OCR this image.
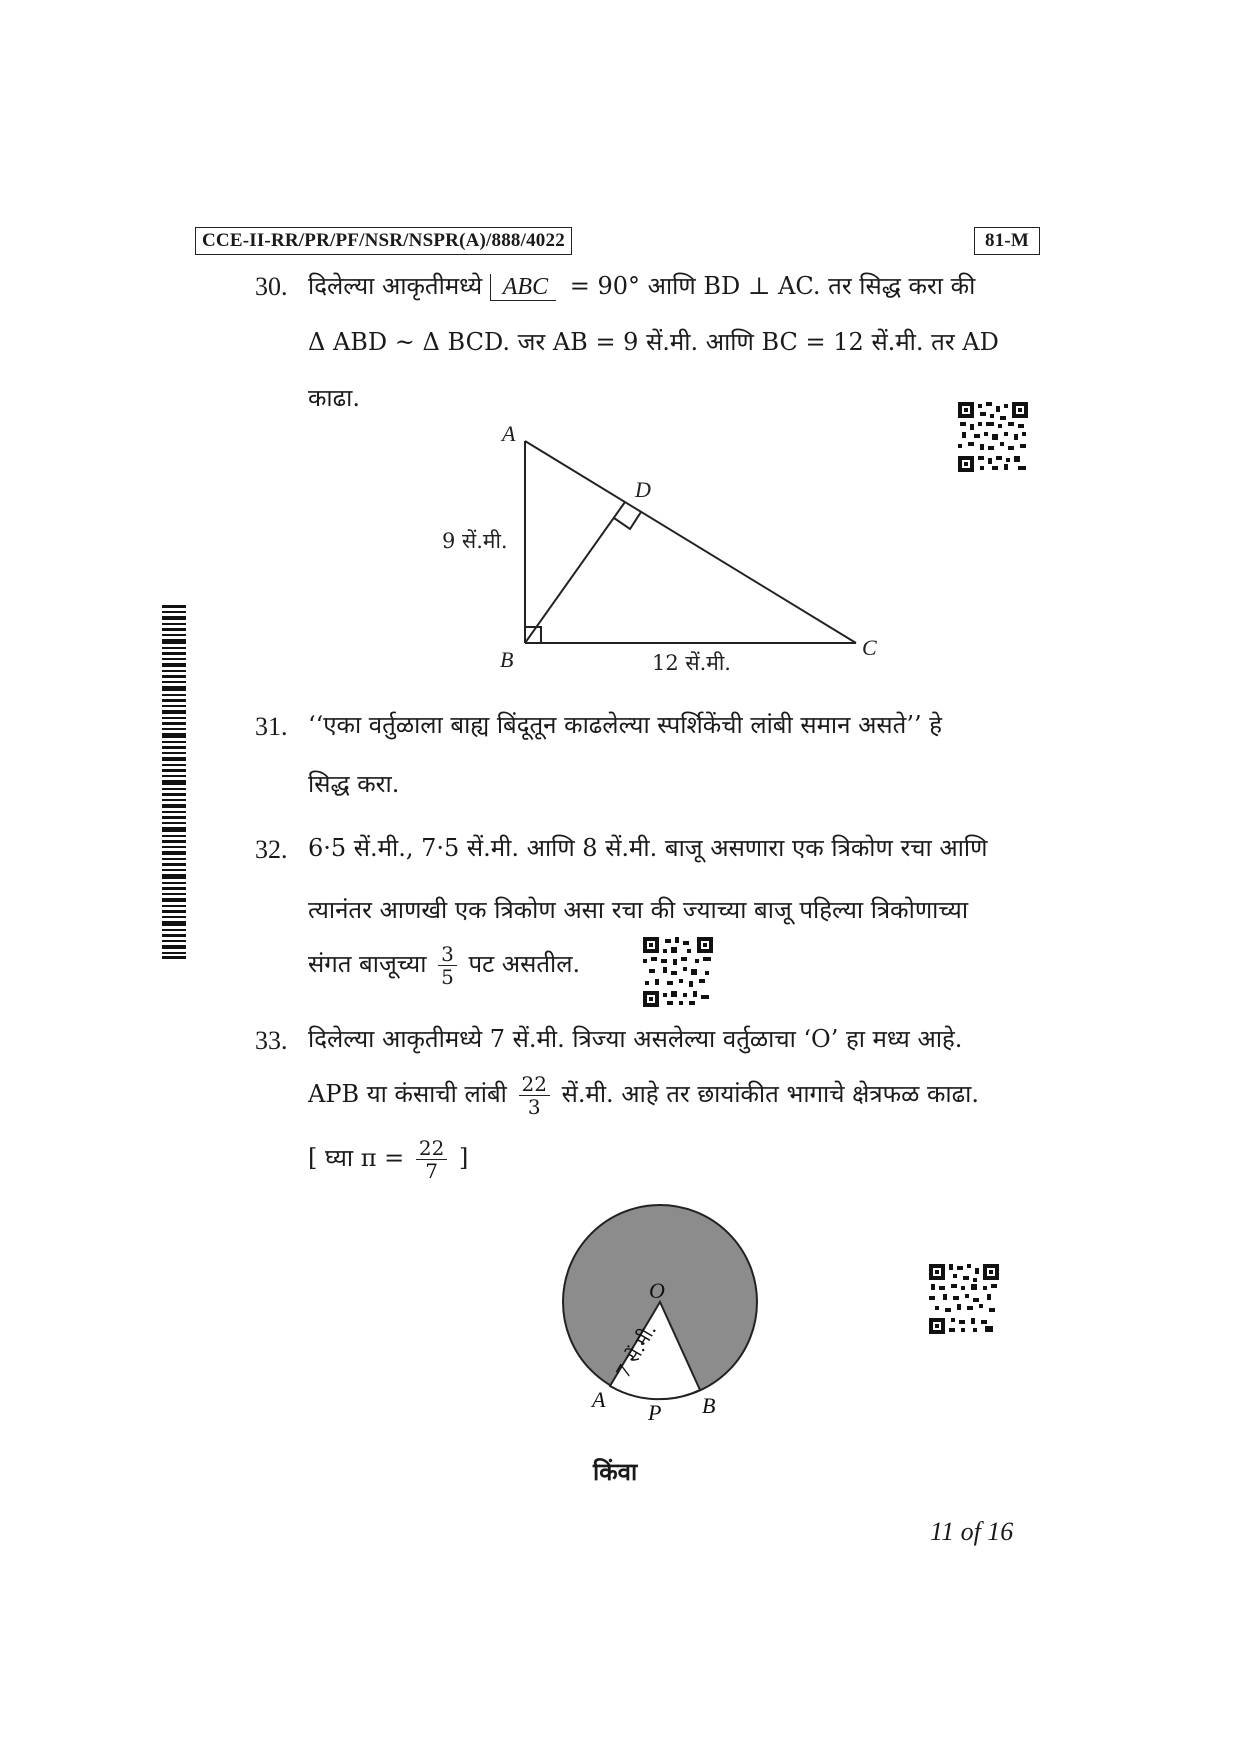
CCE-II-RR/PR/PF/NSR/NSPR(A)/888/4022	81-M
30. दिलेल्या आकृतीमध्ये ABC = 90° आणि BD ⊥ AC. तर सिद्ध करा की
Δ ABD ~ Δ BCD. जर AB = 9 सें.मी. आणि BC = 12 सें.मी. तर AD
काढा.
A
B	C
D
9 सें.मी.
12 सें.मी.
31. ‘‘एका वर्तुळाला बाह्य बिंदूतून काढलेल्या स्पर्शिकेंची लांबी समान असते’’ हे
सिद्ध करा.
32. 6·5 सें.मी., 7·5 सें.मी. आणि 8 सें.मी. बाजू असणारा एक त्रिकोण रचा आणि
त्यानंतर आणखी एक त्रिकोण असा रचा की ज्याच्या बाजू पहिल्या त्रिकोणाच्या
संगत बाजूच्या $\frac{3}{5}$ पट असतील.
33. दिलेल्या आकृतीमध्ये 7 सें.मी. त्रिज्या असलेल्या वर्तुळाचा ‘O’ हा मध्य आहे.
APB या कंसाची लांबी $\frac{22}{3}$ सें.मी. आहे तर छायांकीत भागाचे क्षेत्रफळ काढा.
[ घ्या $\pi = \frac{22}{7}$ ]
O
A	B
P
7 सें.मी.
किंवा
11 of 16
